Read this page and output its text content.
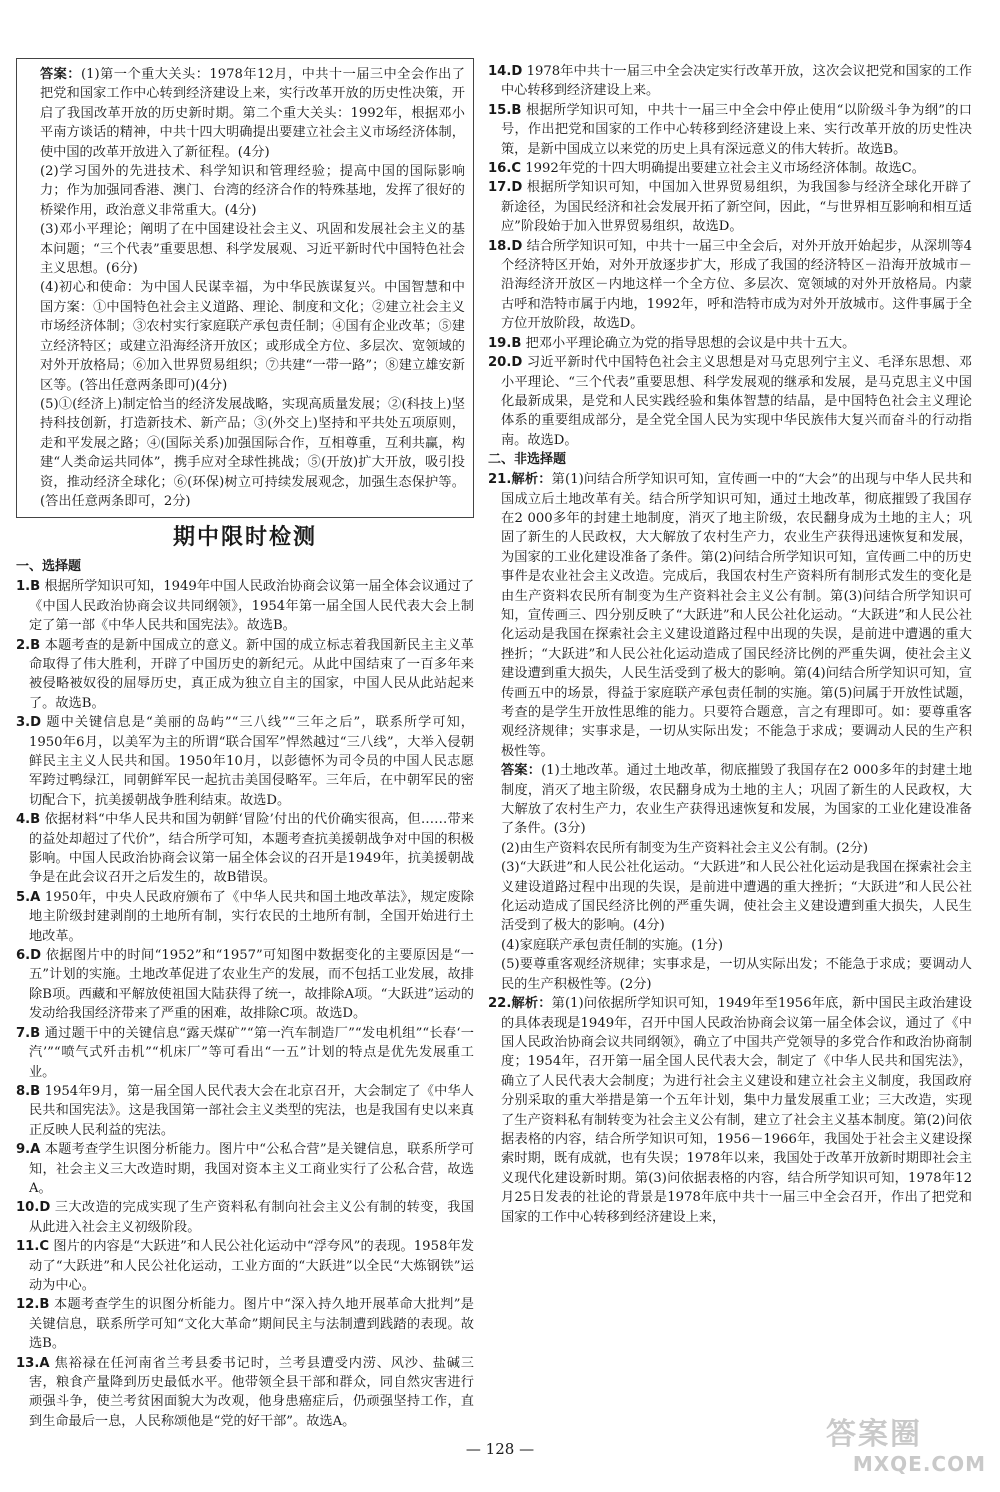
答案：(1)第一个重大关头：1978年12月，中共十一届三中全会作出了把党和国家工作中心转到经济建设上来，实行改革开放的历史性决策，开启了我国改革开放的历史新时期。第二个重大关头：1992年，根据邓小平南方谈话的精神，中共十四大明确提出要建立社会主义市场经济体制，使中国的改革开放进入了新征程。(4分)

(2)学习国外的先进技术、科学知识和管理经验；提高中国的国际影响力；作为加强同香港、澳门、台湾的经济合作的特殊基地，发挥了很好的桥梁作用，政治意义非常重大。(4分)

(3)邓小平理论；阐明了在中国建设社会主义、巩固和发展社会主义的基本问题；“三个代表”重要思想、科学发展观、习近平新时代中国特色社会主义思想。(6分)

(4)初心和使命：为中国人民谋幸福，为中华民族谋复兴。中国智慧和中国方案：①中国特色社会主义道路、理论、制度和文化；②建立社会主义市场经济体制；③农村实行家庭联产承包责任制；④国有企业改革；⑤建立经济特区；或建立沿海经济开放区；或形成全方位、多层次、宽领域的对外开放格局；⑥加入世界贸易组织；⑦共建“一带一路”；⑧建立雄安新区等。(答出任意两条即可)(4分)

(5)①(经济上)制定恰当的经济发展战略，实现高质量发展；②(科技上)坚持科技创新，打造新技术、新产品；③(外交上)坚持和平共处五项原则，走和平发展之路；④(国际关系)加强国际合作，互相尊重，互利共赢，构建“人类命运共同体”，携手应对全球性挑战；⑤(开放)扩大开放，吸引投资，推动经济全球化；⑥(环保)树立可持续发展观念，加强生态保护等。(答出任意两条即可，2分)

期中限时检测

一、选择题

1.B 根据所学知识可知，1949年中国人民政治协商会议第一届全体会议通过了《中国人民政治协商会议共同纲领》，1954年第一届全国人民代表大会上制定了第一部《中华人民共和国宪法》。故选B。

2.B 本题考查的是新中国成立的意义。新中国的成立标志着我国新民主主义革命取得了伟大胜利，开辟了中国历史的新纪元。从此中国结束了一百多年来被侵略被奴役的屈辱历史，真正成为独立自主的国家，中国人民从此站起来了。故选B。

3.D 题中关键信息是“美丽的岛屿”“三八线”“三年之后”，联系所学可知，1950年6月，以美军为主的所谓“联合国军”悍然越过“三八线”，大举入侵朝鲜民主主义人民共和国。1950年10月，以彭德怀为司令员的中国人民志愿军跨过鸭绿江，同朝鲜军民一起抗击美国侵略军。三年后，在中朝军民的密切配合下，抗美援朝战争胜利结束。故选D。

4.B 依据材料“中华人民共和国为朝鲜‘冒险’付出的代价确实很高，但……带来的益处却超过了代价”，结合所学可知，本题考查抗美援朝战争对中国的积极影响。中国人民政治协商会议第一届全体会议的召开是1949年，抗美援朝战争是在此会议召开之后发生的，故B错误。

5.A 1950年，中央人民政府颁布了《中华人民共和国土地改革法》，规定废除地主阶级封建剥削的土地所有制，实行农民的土地所有制，全国开始进行土地改革。

6.D 依据图片中的时间“1952”和“1957”可知图中数据变化的主要原因是“一五”计划的实施。土地改革促进了农业生产的发展，而不包括工业发展，故排除B项。西藏和平解放使祖国大陆获得了统一，故排除A项。“大跃进”运动的发动给我国经济带来了严重的困难，故排除C项。故选D。

7.B 通过题干中的关键信息“露天煤矿”“第一汽车制造厂”“发电机组”“长春‘一汽’”“喷气式歼击机”“机床厂”等可看出“一五”计划的特点是优先发展重工业。

8.B 1954年9月，第一届全国人民代表大会在北京召开，大会制定了《中华人民共和国宪法》。这是我国第一部社会主义类型的宪法，也是我国有史以来真正反映人民利益的宪法。

9.A 本题考查学生识图分析能力。图片中“公私合营”是关键信息，联系所学可知，社会主义三大改造时期，我国对资本主义工商业实行了公私合营，故选A。

10.D 三大改造的完成实现了生产资料私有制向社会主义公有制的转变，我国从此进入社会主义初级阶段。

11.C 图片的内容是“大跃进”和人民公社化运动中“浮夸风”的表现。1958年发动了“大跃进”和人民公社化运动，工业方面的“大跃进”以全民“大炼钢铁”运动为中心。

12.B 本题考查学生的识图分析能力。图片中“深入持久地开展革命大批判”是关键信息，联系所学可知“文化大革命”期间民主与法制遭到践踏的表现。故选B。

13.A 焦裕禄在任河南省兰考县委书记时，兰考县遭受内涝、风沙、盐碱三害，粮食产量降到历史最低水平。他带领全县干部和群众，同自然灾害进行顽强斗争，使兰考贫困面貌大为改观，他身患癌症后，仍顽强坚持工作，直到生命最后一息，人民称颂他是“党的好干部”。故选A。

14.D 1978年中共十一届三中全会决定实行改革开放，这次会议把党和国家的工作中心转移到经济建设上来。

15.B 根据所学知识可知，中共十一届三中全会中停止使用“以阶级斗争为纲”的口号，作出把党和国家的工作中心转移到经济建设上来、实行改革开放的历史性决策，是新中国成立以来党的历史上具有深远意义的伟大转折。故选B。

16.C 1992年党的十四大明确提出要建立社会主义市场经济体制。故选C。

17.D 根据所学知识可知，中国加入世界贸易组织，为我国参与经济全球化开辟了新途径，为国民经济和社会发展开拓了新空间，因此，“与世界相互影响和相互适应”阶段始于加入世界贸易组织，故选D。

18.D 结合所学知识可知，中共十一届三中全会后，对外开放开始起步，从深圳等4个经济特区开始，对外开放逐步扩大，形成了我国的经济特区－沿海开放城市－沿海经济开放区－内地这样一个全方位、多层次、宽领域的对外开放格局。内蒙古呼和浩特市属于内地，1992年，呼和浩特市成为对外开放城市。这件事属于全方位开放阶段，故选D。

19.B 把邓小平理论确立为党的指导思想的会议是中共十五大。

20.D 习近平新时代中国特色社会主义思想是对马克思列宁主义、毛泽东思想、邓小平理论、“三个代表”重要思想、科学发展观的继承和发展，是马克思主义中国化最新成果，是党和人民实践经验和集体智慧的结晶，是中国特色社会主义理论体系的重要组成部分，是全党全国人民为实现中华民族伟大复兴而奋斗的行动指南。故选D。

二、非选择题

21.解析：第(1)问结合所学知识可知，宣传画一中的“大会”的出现与中华人民共和国成立后土地改革有关。结合所学知识可知，通过土地改革，彻底摧毁了我国存在2 000多年的封建土地制度，消灭了地主阶级，农民翻身成为土地的主人；巩固了新生的人民政权，大大解放了农村生产力，农业生产获得迅速恢复和发展，为国家的工业化建设准备了条件。第(2)问结合所学知识可知，宣传画二中的历史事件是农业社会主义改造。完成后，我国农村生产资料所有制形式发生的变化是由生产资料农民所有制变为生产资料社会主义公有制。第(3)问结合所学知识可知，宣传画三、四分别反映了“大跃进”和人民公社化运动。“大跃进”和人民公社化运动是我国在探索社会主义建设道路过程中出现的失误，是前进中遭遇的重大挫折；“大跃进”和人民公社化运动造成了国民经济比例的严重失调，使社会主义建设遭到重大损失，人民生活受到了极大的影响。第(4)问结合所学知识可知，宣传画五中的场景，得益于家庭联产承包责任制的实施。第(5)问属于开放性试题，考查的是学生开放性思维的能力。只要符合题意，言之有理即可。如：要尊重客观经济规律；实事求是，一切从实际出发；不能急于求成；要调动人民的生产积极性等。

答案：(1)土地改革。通过土地改革，彻底摧毁了我国存在2 000多年的封建土地制度，消灭了地主阶级，农民翻身成为土地的主人；巩固了新生的人民政权，大大解放了农村生产力，农业生产获得迅速恢复和发展，为国家的工业化建设准备了条件。(3分)

(2)由生产资料农民所有制变为生产资料社会主义公有制。(2分)

(3)“大跃进”和人民公社化运动。“大跃进”和人民公社化运动是我国在探索社会主义建设道路过程中出现的失误，是前进中遭遇的重大挫折；“大跃进”和人民公社化运动造成了国民经济比例的严重失调，使社会主义建设遭到重大损失，人民生活受到了极大的影响。(4分)

(4)家庭联产承包责任制的实施。(1分)

(5)要尊重客观经济规律；实事求是，一切从实际出发；不能急于求成；要调动人民的生产积极性等。(2分)

22.解析：第(1)问依据所学知识可知，1949年至1956年底，新中国民主政治建设的具体表现是1949年，召开中国人民政治协商会议第一届全体会议，通过了《中国人民政治协商会议共同纲领》，确立了中国共产党领导的多党合作和政治协商制度；1954年，召开第一届全国人民代表大会，制定了《中华人民共和国宪法》，确立了人民代表大会制度；为进行社会主义建设和建立社会主义制度，我国政府分别采取的重大举措是第一个五年计划，集中力量发展重工业；三大改造，实现了生产资料私有制转变为社会主义公有制，建立了社会主义基本制度。第(2)问依据表格的内容，结合所学知识可知，1956－1966年，我国处于社会主义建设探索时期，既有成就，也有失误；1978年以来，我国处于改革开放新时期即社会主义现代化建设新时期。第(3)问依据表格的内容，结合所学知识可知，1978年12月25日发表的社论的背景是1978年底中共十一届三中全会召开，作出了把党和国家的工作中心转移到经济建设上来，

— 128 —	答案圈
MXQE.COM
